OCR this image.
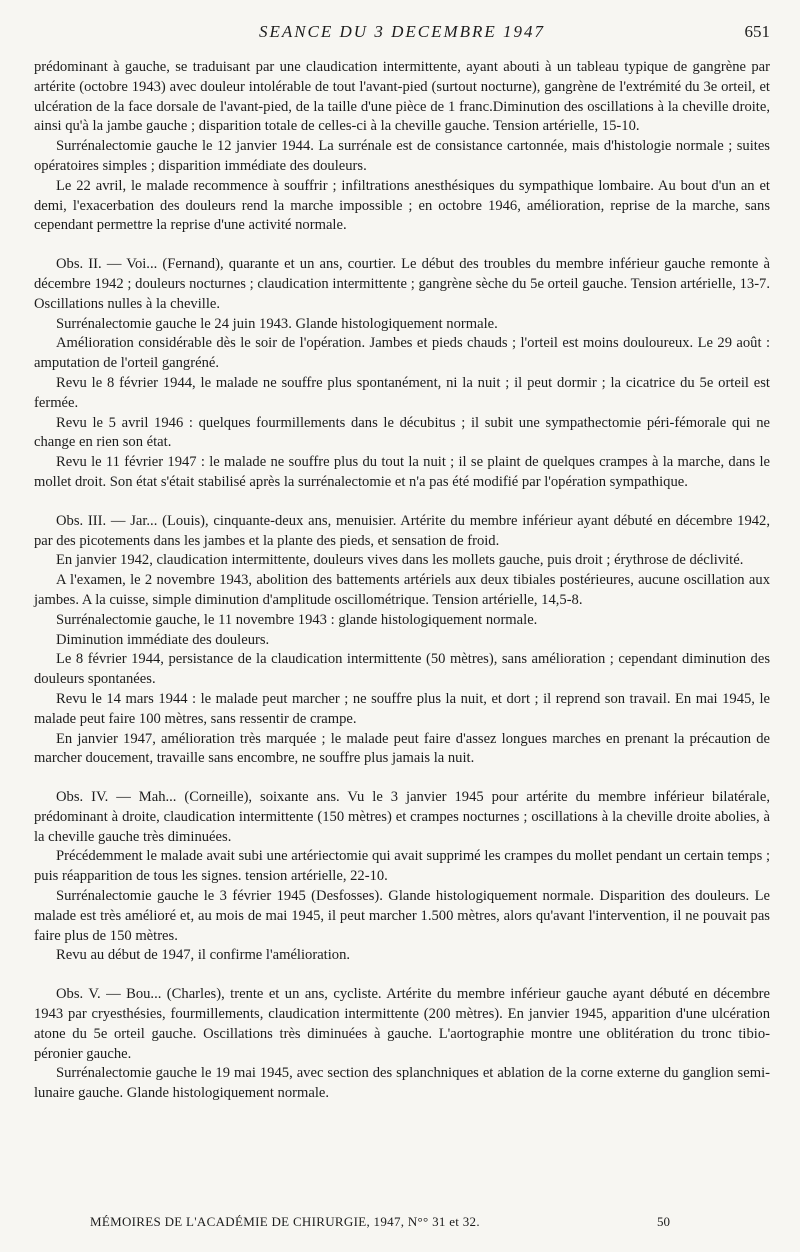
SEANCE DU 3 DECEMBRE 1947	651

prédominant à gauche, se traduisant par une claudication intermittente, ayant abouti à un tableau typique de gangrène par artérite (octobre 1943) avec douleur intolérable de tout l'avant-pied (surtout nocturne), gangrène de l'extrémité du 3e orteil, et ulcération de la face dorsale de l'avant-pied, de la taille d'une pièce de 1 franc.Diminution des oscillations à la cheville droite, ainsi qu'à la jambe gauche ; disparition totale de celles-ci à la cheville gauche. Tension artérielle, 15-10.

Surrénalectomie gauche le 12 janvier 1944. La surrénale est de consistance cartonnée, mais d'histologie normale ; suites opératoires simples ; disparition immédiate des douleurs.

Le 22 avril, le malade recommence à souffrir ; infiltrations anesthésiques du sympathique lombaire. Au bout d'un an et demi, l'exacerbation des douleurs rend la marche impossible ; en octobre 1946, amélioration, reprise de la marche, sans cependant permettre la reprise d'une activité normale.

Obs. II. — Voi... (Fernand), quarante et un ans, courtier. Le début des troubles du membre inférieur gauche remonte à décembre 1942 ; douleurs nocturnes ; claudication intermittente ; gangrène sèche du 5e orteil gauche. Tension artérielle, 13-7. Oscillations nulles à la cheville.

Surrénalectomie gauche le 24 juin 1943. Glande histologiquement normale.

Amélioration considérable dès le soir de l'opération. Jambes et pieds chauds ; l'orteil est moins douloureux. Le 29 août : amputation de l'orteil gangréné.

Revu le 8 février 1944, le malade ne souffre plus spontanément, ni la nuit ; il peut dormir ; la cicatrice du 5e orteil est fermée.

Revu le 5 avril 1946 : quelques fourmillements dans le décubitus ; il subit une sympathectomie péri-fémorale qui ne change en rien son état.

Revu le 11 février 1947 : le malade ne souffre plus du tout la nuit ; il se plaint de quelques crampes à la marche, dans le mollet droit. Son état s'était stabilisé après la surrénalectomie et n'a pas été modifié par l'opération sympathique.

Obs. III. — Jar... (Louis), cinquante-deux ans, menuisier. Artérite du membre inférieur ayant débuté en décembre 1942, par des picotements dans les jambes et la plante des pieds, et sensation de froid.

En janvier 1942, claudication intermittente, douleurs vives dans les mollets gauche, puis droit ; érythrose de déclivité.

A l'examen, le 2 novembre 1943, abolition des battements artériels aux deux tibiales postérieures, aucune oscillation aux jambes. A la cuisse, simple diminution d'amplitude oscillométrique. Tension artérielle, 14,5-8.

Surrénalectomie gauche, le 11 novembre 1943 : glande histologiquement normale.

Diminution immédiate des douleurs.

Le 8 février 1944, persistance de la claudication intermittente (50 mètres), sans amélioration ; cependant diminution des douleurs spontanées.

Revu le 14 mars 1944 : le malade peut marcher ; ne souffre plus la nuit, et dort ; il reprend son travail. En mai 1945, le malade peut faire 100 mètres, sans ressentir de crampe.

En janvier 1947, amélioration très marquée ; le malade peut faire d'assez longues marches en prenant la précaution de marcher doucement, travaille sans encombre, ne souffre plus jamais la nuit.

Obs. IV. — Mah... (Corneille), soixante ans. Vu le 3 janvier 1945 pour artérite du membre inférieur bilatérale, prédominant à droite, claudication intermittente (150 mètres) et crampes nocturnes ; oscillations à la cheville droite abolies, à la cheville gauche très diminuées.

Précédemment le malade avait subi une artériectomie qui avait supprimé les crampes du mollet pendant un certain temps ; puis réapparition de tous les signes. tension artérielle, 22-10.

Surrénalectomie gauche le 3 février 1945 (Desfosses). Glande histologiquement normale. Disparition des douleurs. Le malade est très amélioré et, au mois de mai 1945, il peut marcher 1.500 mètres, alors qu'avant l'intervention, il ne pouvait pas faire plus de 150 mètres.

Revu au début de 1947, il confirme l'amélioration.

Obs. V. — Bou... (Charles), trente et un ans, cycliste. Artérite du membre inférieur gauche ayant débuté en décembre 1943 par cryesthésies, fourmillements, claudication intermittente (200 mètres). En janvier 1945, apparition d'une ulcération atone du 5e orteil gauche. Oscillations très diminuées à gauche. L'aortographie montre une oblitération du tronc tibio-péronier gauche.

Surrénalectomie gauche le 19 mai 1945, avec section des splanchniques et ablation de la corne externe du ganglion semi-lunaire gauche. Glande histologiquement normale.

MÉMOIRES DE L'ACADÉMIE DE CHIRURGIE, 1947, N°° 31 et 32.	50
